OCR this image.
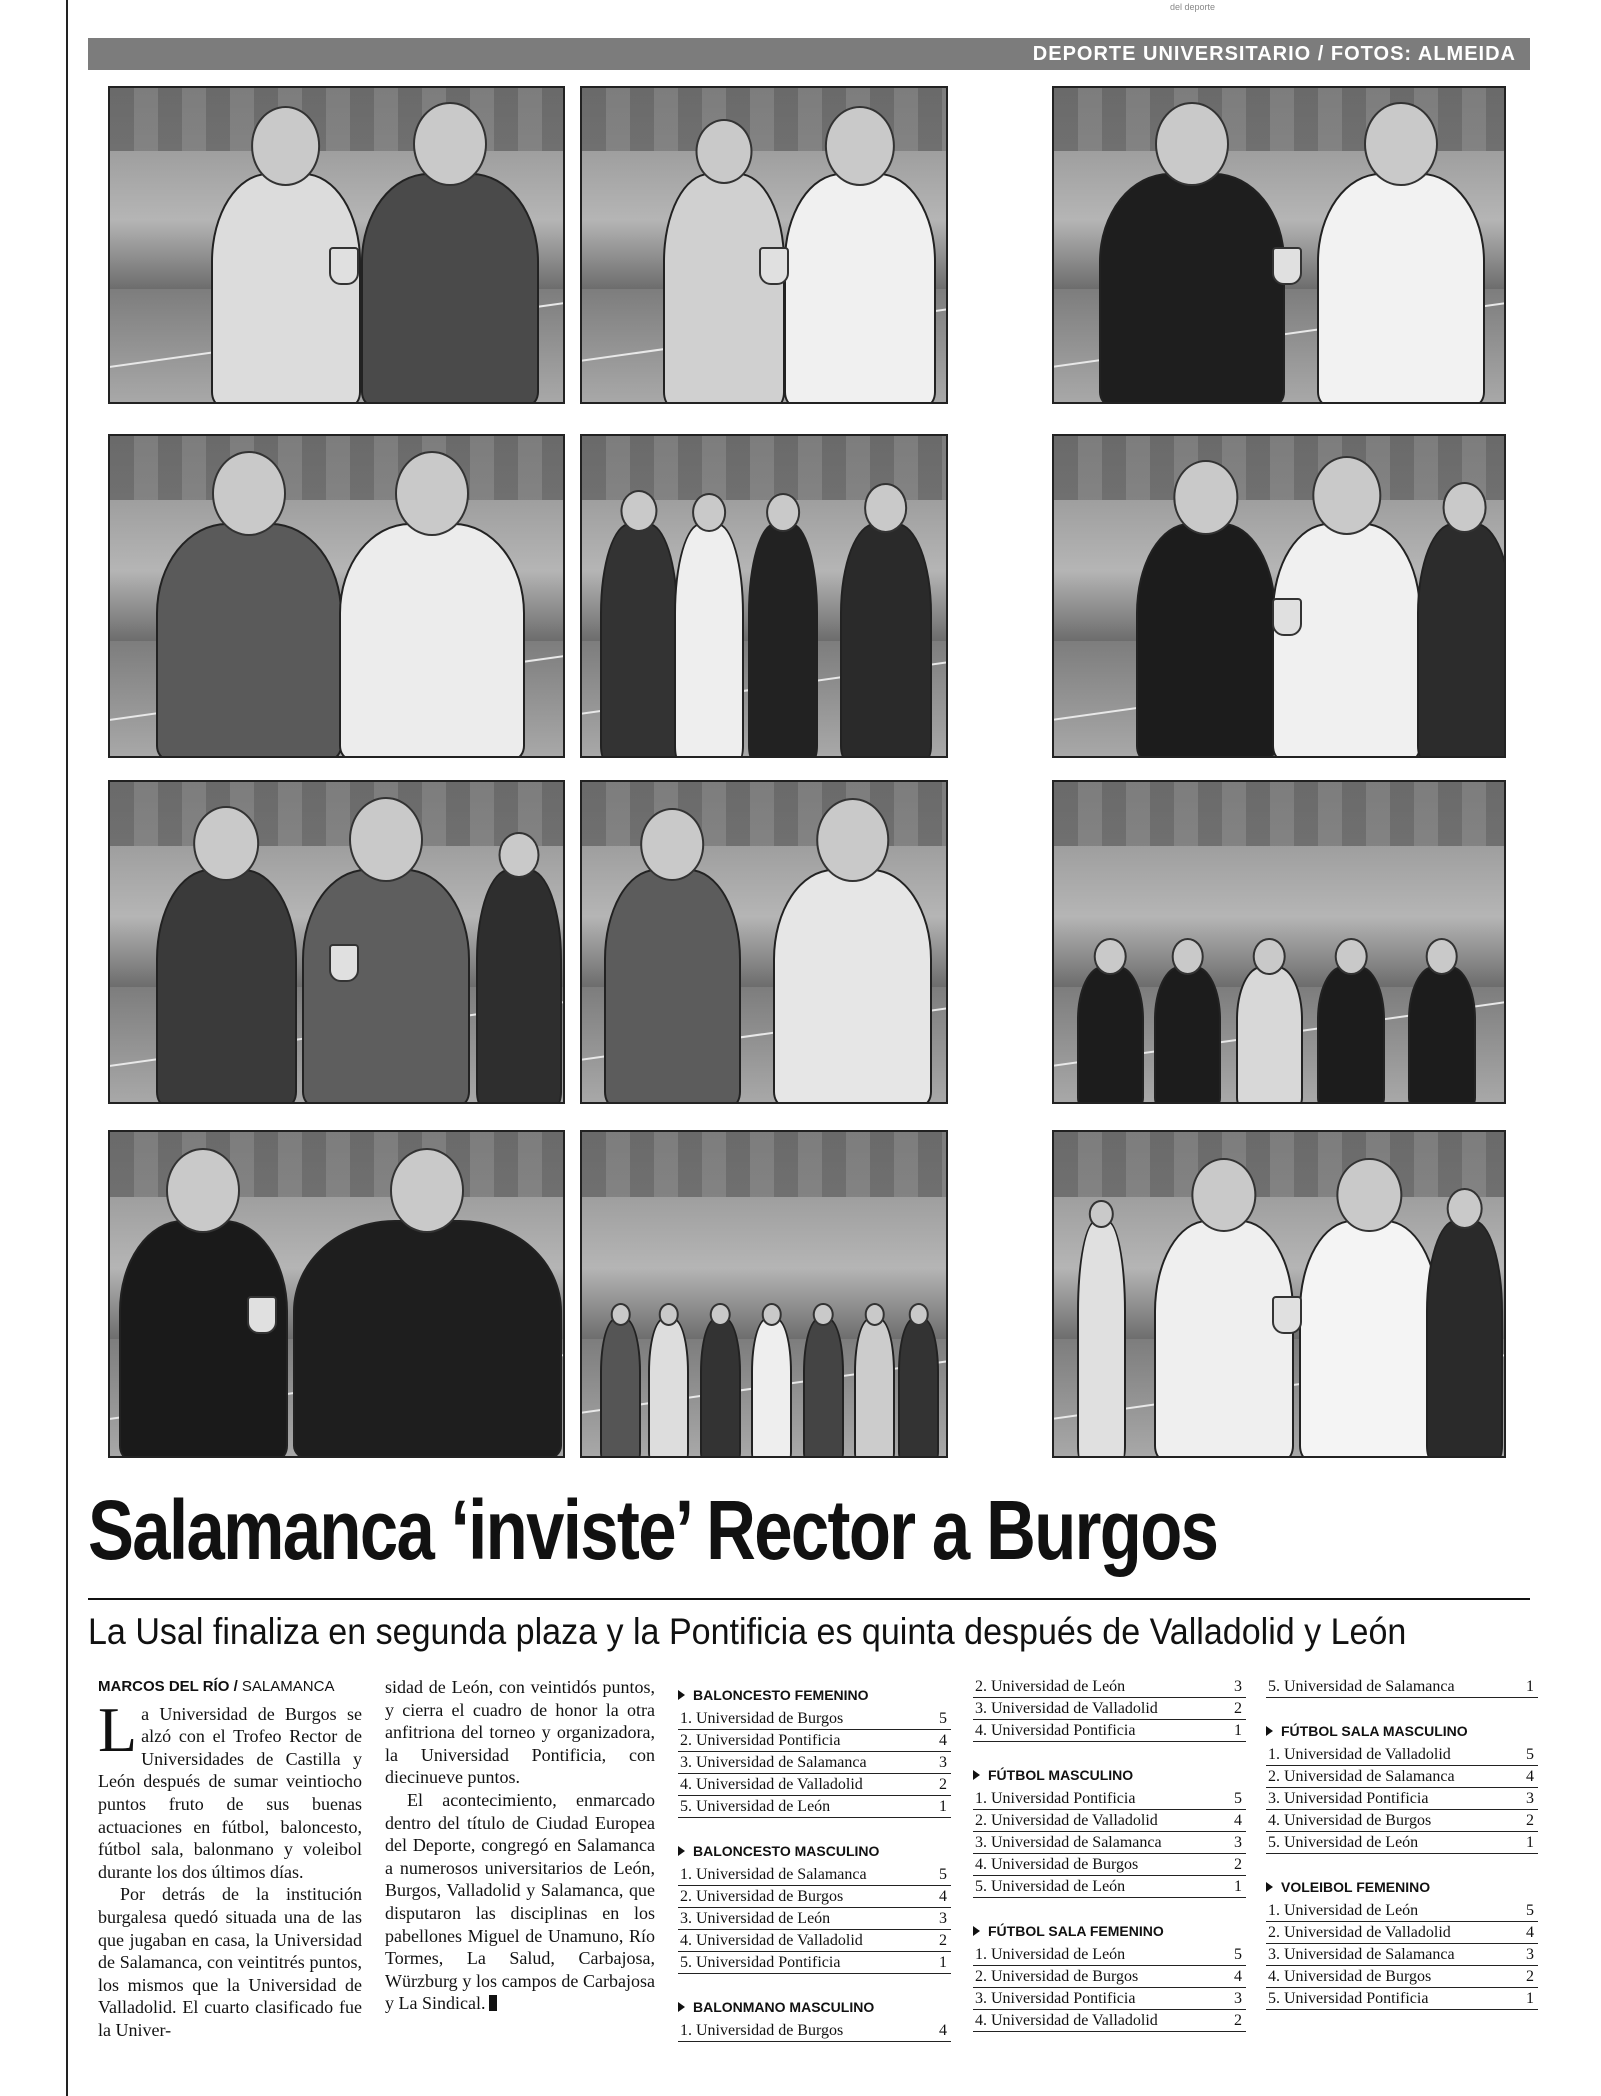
del deporte
DEPORTE UNIVERSITARIO / FOTOS: ALMEIDA
Salamanca ‘inviste’ Rector a Burgos
La Usal finaliza en segunda plaza y la Pontificia es quinta después de Valladolid y León
MARCOS DEL RÍO / SALAMANCA

La Universidad de Burgos se alzó con el Trofeo Rector de Universidades de Castilla y León después de sumar veintiocho puntos fruto de sus buenas actuaciones en fútbol, baloncesto, fútbol sala, balonmano y voleibol durante los dos últimos días.

Por detrás de la institución burgalesa quedó situada una de las que jugaban en casa, la Universidad de Salamanca, con veintitrés puntos, los mismos que la Universidad de Valladolid. El cuarto clasificado fue la Univer-

sidad de León, con veintidós puntos, y cierra el cuadro de honor la otra anfitriona del torneo y organizadora, la Universidad Pontificia, con diecinueve puntos.

El acontecimiento, enmarcado dentro del título de Ciudad Europea del Deporte, congregó en Salamanca a numerosos universitarios de León, Burgos, Valladolid y Salamanca, que disputaron las disciplinas en los pabellones Miguel de Unamuno, Río Tormes, La Salud, Carbajosa, Würzburg y los campos de Carbajosa y La Sindical.

BALONCESTO FEMENINO
1. Universidad de Burgos	5
2. Universidad Pontificia	4
3. Universidad de Salamanca	3
4. Universidad de Valladolid	2
5. Universidad de León	1
BALONCESTO MASCULINO
1. Universidad de Salamanca	5
2. Universidad de Burgos	4
3. Universidad de León	3
4. Universidad de Valladolid	2
5. Universidad Pontificia	1
BALONMANO MASCULINO
1. Universidad de Burgos	4
2. Universidad de León	3
3. Universidad de Valladolid	2
4. Universidad Pontificia	1
FÚTBOL MASCULINO
1. Universidad Pontificia	5
2. Universidad de Valladolid	4
3. Universidad de Salamanca	3
4. Universidad de Burgos	2
5. Universidad de León	1
FÚTBOL SALA FEMENINO
1. Universidad de León	5
2. Universidad de Burgos	4
3. Universidad Pontificia	3
4. Universidad de Valladolid	2
5. Universidad de Salamanca	1
FÚTBOL SALA MASCULINO
1. Universidad de Valladolid	5
2. Universidad de Salamanca	4
3. Universidad Pontificia	3
4. Universidad de Burgos	2
5. Universidad de León	1
VOLEIBOL FEMENINO
1. Universidad de León	5
2. Universidad de Valladolid	4
3. Universidad de Salamanca	3
4. Universidad de Burgos	2
5. Universidad Pontificia	1
